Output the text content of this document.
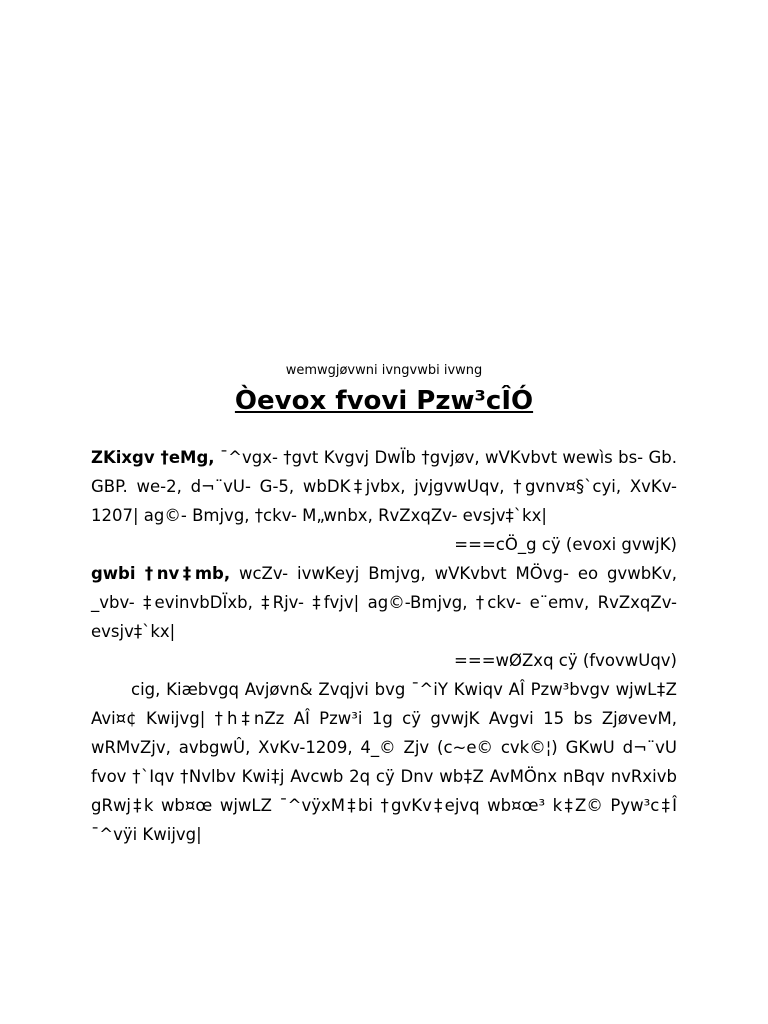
wemwgjøvwni ivngvwbi ivwng

Òevox fvovi Pzw³cÎÓ

ZKixgv †eMg, ¯^vgx- †gvt Kvgvj DwÏb †gvjøv, wVKvbvt wewìs bs- Gb. GBP. we-2, d¬¨vU- G-5, wbDK‡jvbx, jvjgvwUqv, †gvnv¤§`cyi, XvKv-1207| ag©- Bmjvg, †ckv- M„wnbx, RvZxqZv- evsjv‡`kx|

===cÖ_g cÿ (evoxi gvwjK)

gwbi †nv‡mb, wcZv- ivwKeyj Bmjvg, wVKvbvt MÖvg- eo gvwbKv, _vbv- ‡evinvbDÏxb, ‡Rjv- ‡fvjv| ag©-Bmjvg, †ckv- e¨emv, RvZxqZv- evsjv‡`kx|

===wØZxq cÿ (fvovwUqv)

cig, Kiæbvgq Avjøvn& Zvqjvi bvg ¯^iY Kwiqv AÎ Pzw³bvgv wjwL‡Z Avi¤¢ Kwijvg| †h‡nZz AÎ Pzw³i 1g cÿ gvwjK Avgvi 15 bs ZjøvevM, wRMvZjv, avbgwÛ, XvKv-1209, 4_© Zjv (c~e© cvk©¦) GKwU d¬¨vU fvov †`Iqv †Nvlbv Kwi‡j Avcwb 2q cÿ Dnv wb‡Z AvMÖnx nBqv nvRxivb gRwj‡k wb¤œ wjwLZ ¯^vÿxM‡bi †gvKv‡ejvq wb¤œ³ k‡Z© Pyw³c‡Î ¯^vÿi Kwijvg|
